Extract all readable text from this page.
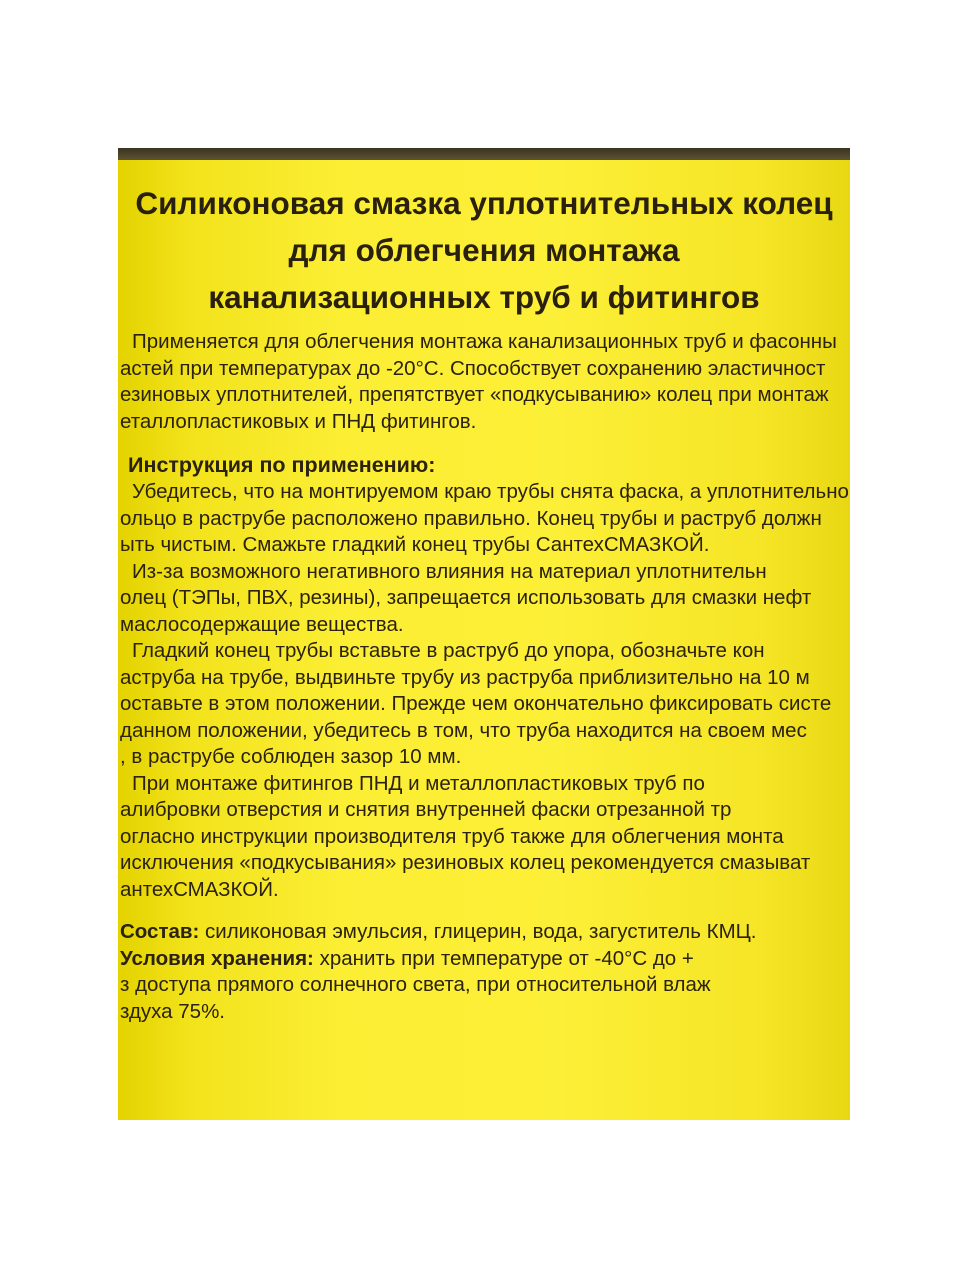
Силиконовая смазка уплотнительных колец

для облегчения монтажа

канализационных труб и фитингов

Применяется для облегчения монтажа канализационных труб и фасонны
астей при температурах до -20°С. Способствует сохранению эластичност
езиновых уплотнителей, препятствует «подкусыванию» колец при монтаж
еталлопластиковых и ПНД фитингов.

Инструкция по применению:

Убедитесь, что на монтируемом краю трубы снята фаска, а уплотнительно
ольцо в раструбе расположено правильно. Конец трубы и раструб должн
ыть чистым. Смажьте гладкий конец трубы СантехСМАЗКОЙ.
Из-за возможного негативного влияния на материал уплотнительн
олец (ТЭПы, ПВХ, резины), запрещается использовать для смазки нефт
маслосодержащие вещества.
Гладкий конец трубы вставьте в раструб до упора, обозначьте кон
аструба на трубе, выдвиньте трубу из раструба приблизительно на 10 м
оставьте в этом положении. Прежде чем окончательно фиксировать систе
данном положении, убедитесь в том, что труба находится на своем мес
, в раструбе соблюден зазор 10 мм.
При монтаже фитингов ПНД и металлопластиковых труб по
алибровки отверстия и снятия внутренней фаски отрезанной тр
огласно инструкции производителя труб также для облегчения монта
исключения «подкусывания» резиновых колец рекомендуется смазыват
антехСМАЗКОЙ.
Состав: силиконовая эмульсия, глицерин, вода, загуститель КМЦ.
Условия хранения: хранить при температуре от -40°С до +
з доступа прямого солнечного света, при относительной влаж
здуха 75%.
